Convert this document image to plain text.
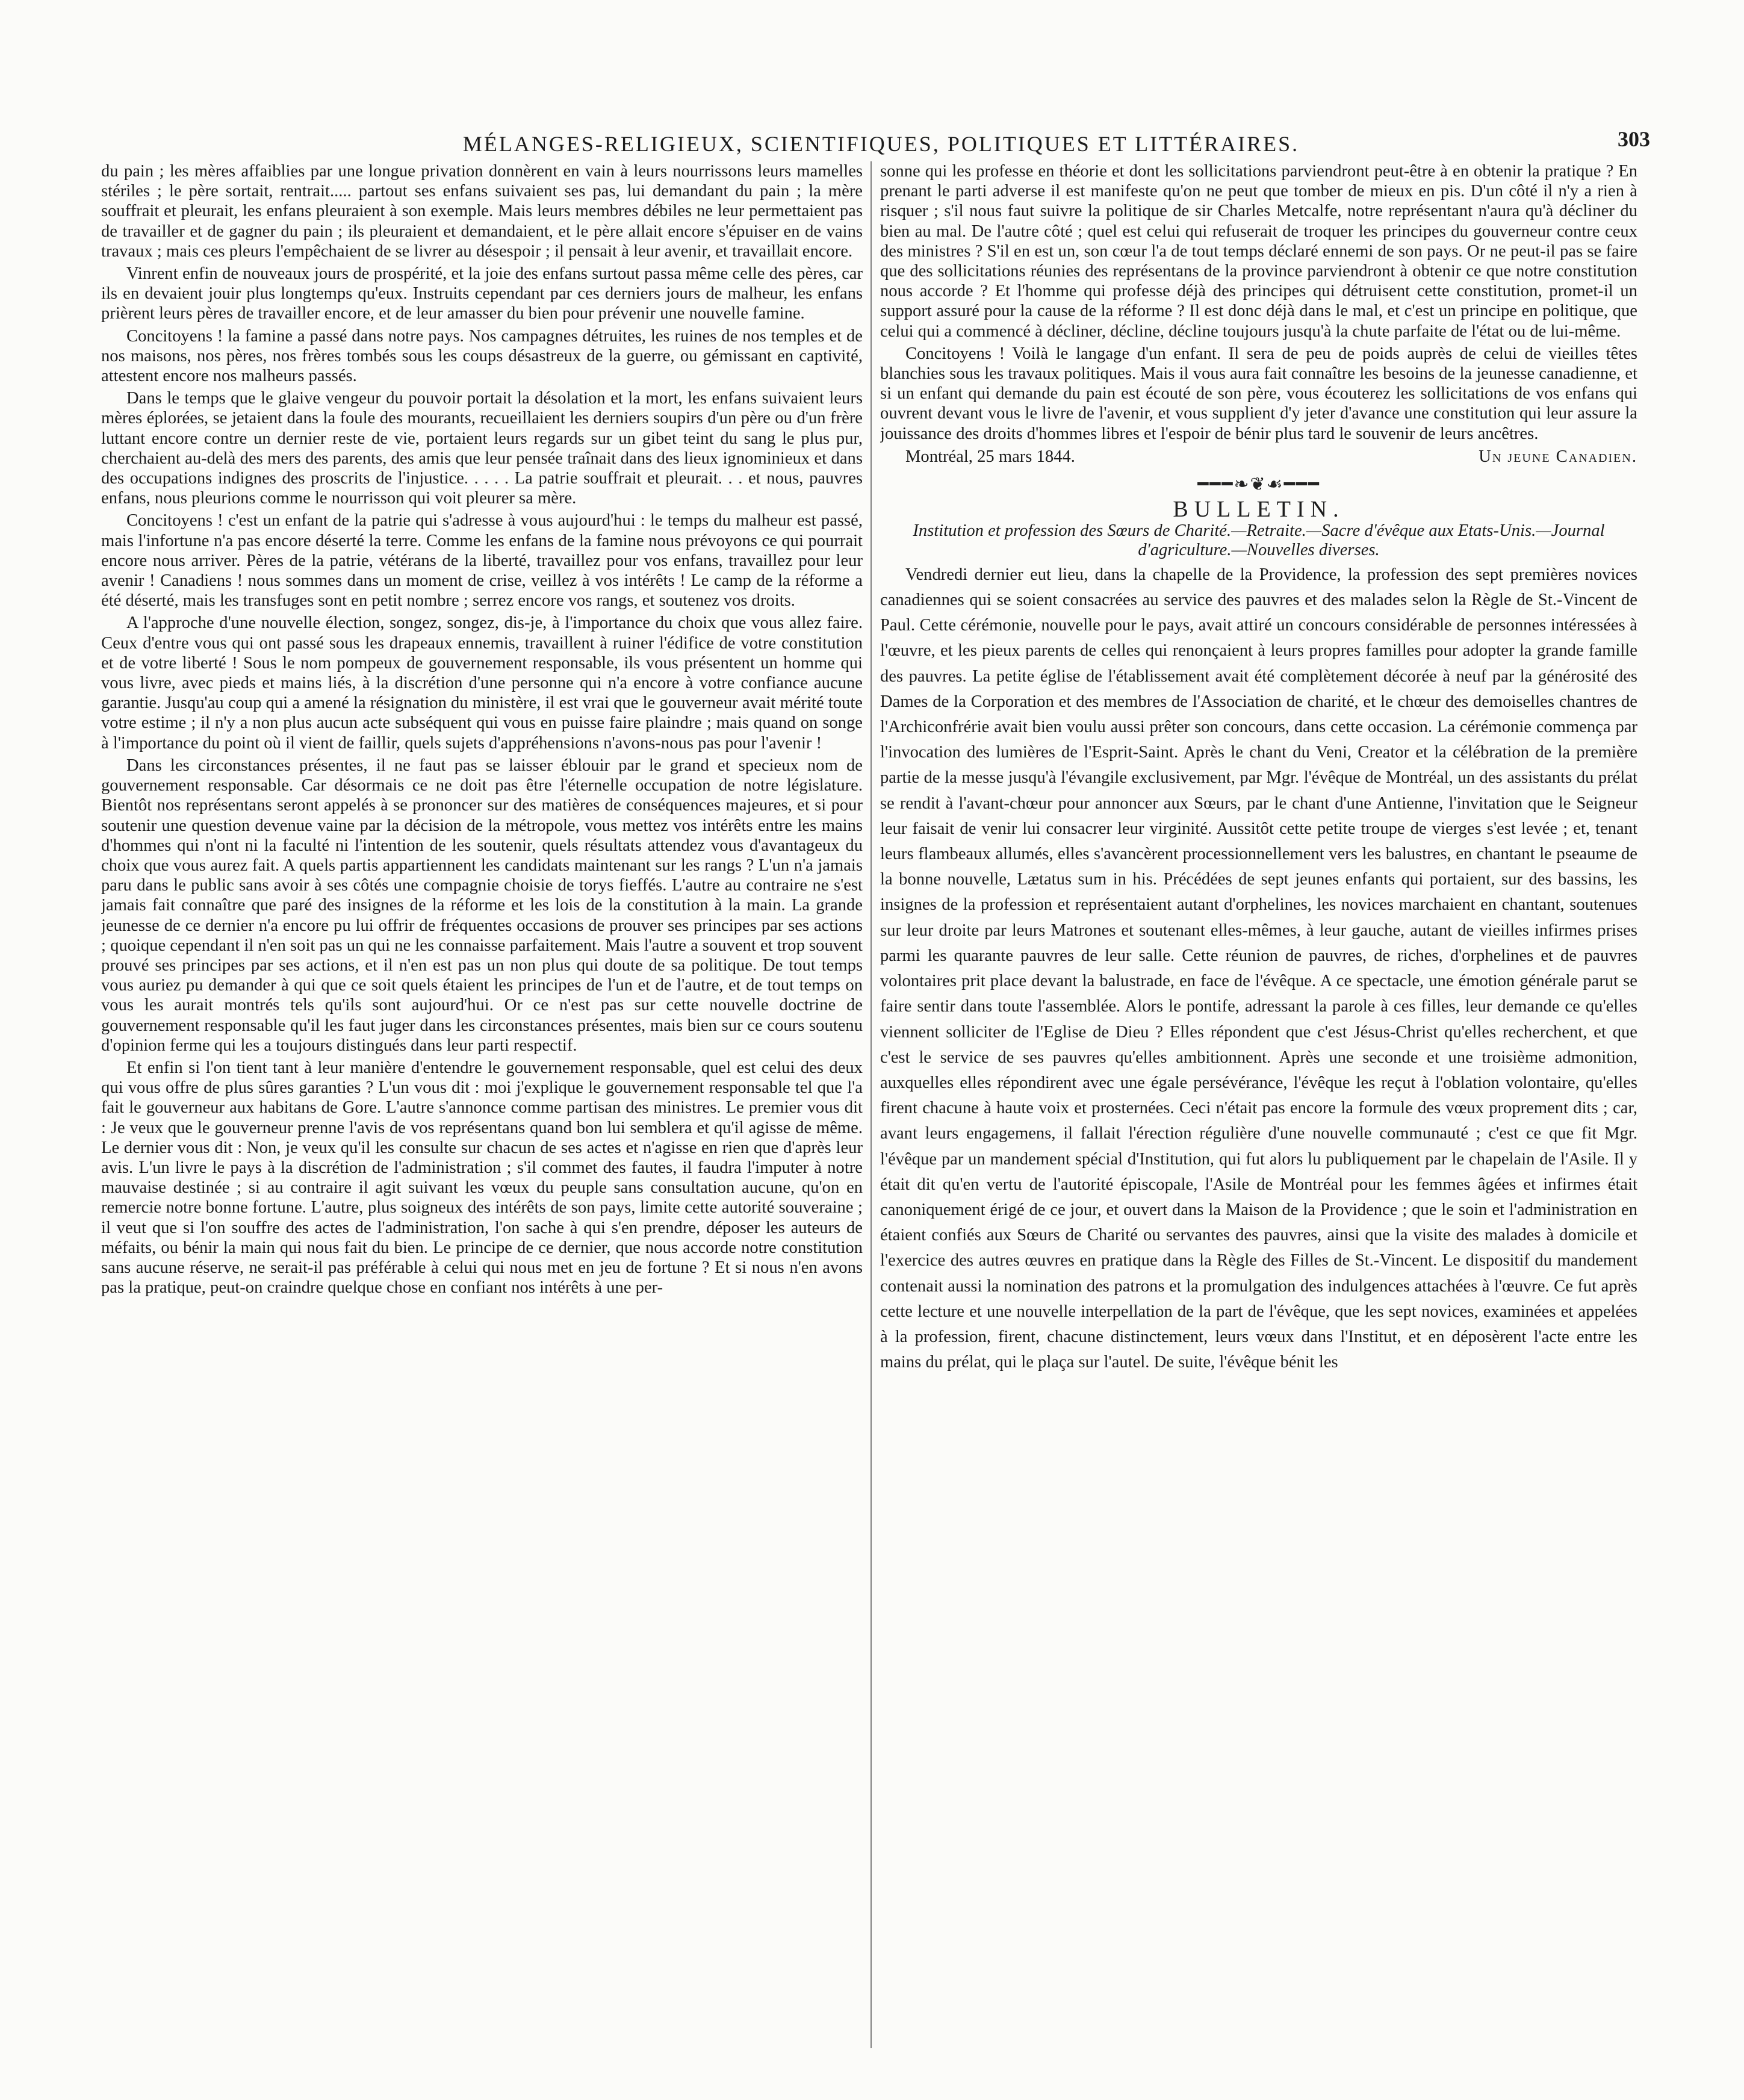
MÉLANGES-RELIGIEUX, SCIENTIFIQUES, POLITIQUES ET LITTÉRAIRES.	303

du pain ; les mères affaiblies par une longue privation donnèrent en vain à leurs nourrissons leurs mamelles stériles ; le père sortait, rentrait..... partout ses enfans suivaient ses pas, lui demandant du pain ; la mère souffrait et pleurait, les enfans pleuraient à son exemple. Mais leurs membres débiles ne leur permettaient pas de travailler et de gagner du pain ; ils pleuraient et demandaient, et le père allait encore s'épuiser en de vains travaux ; mais ces pleurs l'empêchaient de se livrer au désespoir ; il pensait à leur avenir, et travaillait encore.

Vinrent enfin de nouveaux jours de prospérité, et la joie des enfans surtout passa même celle des pères, car ils en devaient jouir plus longtemps qu'eux. Instruits cependant par ces derniers jours de malheur, les enfans prièrent leurs pères de travailler encore, et de leur amasser du bien pour prévenir une nouvelle famine.

Concitoyens ! la famine a passé dans notre pays. Nos campagnes détruites, les ruines de nos temples et de nos maisons, nos pères, nos frères tombés sous les coups désastreux de la guerre, ou gémissant en captivité, attestent encore nos malheurs passés.

Dans le temps que le glaive vengeur du pouvoir portait la désolation et la mort, les enfans suivaient leurs mères éplorées, se jetaient dans la foule des mourants, recueillaient les derniers soupirs d'un père ou d'un frère luttant encore contre un dernier reste de vie, portaient leurs regards sur un gibet teint du sang le plus pur, cherchaient au-delà des mers des parents, des amis que leur pensée traînait dans des lieux ignominieux et dans des occupations indignes des proscrits de l'injustice. . . . . La patrie souffrait et pleurait. . . et nous, pauvres enfans, nous pleurions comme le nourrisson qui voit pleurer sa mère.

Concitoyens ! c'est un enfant de la patrie qui s'adresse à vous aujourd'hui : le temps du malheur est passé, mais l'infortune n'a pas encore déserté la terre. Comme les enfans de la famine nous prévoyons ce qui pourrait encore nous arriver. Pères de la patrie, vétérans de la liberté, travaillez pour vos enfans, travaillez pour leur avenir ! Canadiens ! nous sommes dans un moment de crise, veillez à vos intérêts ! Le camp de la réforme a été déserté, mais les transfuges sont en petit nombre ; serrez encore vos rangs, et soutenez vos droits.

A l'approche d'une nouvelle élection, songez, songez, dis-je, à l'importance du choix que vous allez faire. Ceux d'entre vous qui ont passé sous les drapeaux ennemis, travaillent à ruiner l'édifice de votre constitution et de votre liberté ! Sous le nom pompeux de gouvernement responsable, ils vous présentent un homme qui vous livre, avec pieds et mains liés, à la discrétion d'une personne qui n'a encore à votre confiance aucune garantie. Jusqu'au coup qui a amené la résignation du ministère, il est vrai que le gouverneur avait mérité toute votre estime ; il n'y a non plus aucun acte subséquent qui vous en puisse faire plaindre ; mais quand on songe à l'importance du point où il vient de faillir, quels sujets d'appréhensions n'avons-nous pas pour l'avenir !

Dans les circonstances présentes, il ne faut pas se laisser éblouir par le grand et specieux nom de gouvernement responsable. Car désormais ce ne doit pas être l'éternelle occupation de notre législature. Bientôt nos représentans seront appelés à se prononcer sur des matières de conséquences majeures, et si pour soutenir une question devenue vaine par la décision de la métropole, vous mettez vos intérêts entre les mains d'hommes qui n'ont ni la faculté ni l'intention de les soutenir, quels résultats attendez vous d'avantageux du choix que vous aurez fait. A quels partis appartiennent les candidats maintenant sur les rangs ? L'un n'a jamais paru dans le public sans avoir à ses côtés une compagnie choisie de torys fieffés. L'autre au contraire ne s'est jamais fait connaître que paré des insignes de la réforme et les lois de la constitution à la main. La grande jeunesse de ce dernier n'a encore pu lui offrir de fréquentes occasions de prouver ses principes par ses actions ; quoique cependant il n'en soit pas un qui ne les connaisse parfaitement. Mais l'autre a souvent et trop souvent prouvé ses principes par ses actions, et il n'en est pas un non plus qui doute de sa politique. De tout temps vous auriez pu demander à qui que ce soit quels étaient les principes de l'un et de l'autre, et de tout temps on vous les aurait montrés tels qu'ils sont aujourd'hui. Or ce n'est pas sur cette nouvelle doctrine de gouvernement responsable qu'il les faut juger dans les circonstances présentes, mais bien sur ce cours soutenu d'opinion ferme qui les a toujours distingués dans leur parti respectif.

Et enfin si l'on tient tant à leur manière d'entendre le gouvernement responsable, quel est celui des deux qui vous offre de plus sûres garanties ? L'un vous dit : moi j'explique le gouvernement responsable tel que l'a fait le gouverneur aux habitans de Gore. L'autre s'annonce comme partisan des ministres. Le premier vous dit : Je veux que le gouverneur prenne l'avis de vos représentans quand bon lui semblera et qu'il agisse de même. Le dernier vous dit : Non, je veux qu'il les consulte sur chacun de ses actes et n'agisse en rien que d'après leur avis. L'un livre le pays à la discrétion de l'administration ; s'il commet des fautes, il faudra l'imputer à notre mauvaise destinée ; si au contraire il agit suivant les vœux du peuple sans consultation aucune, qu'on en remercie notre bonne fortune. L'autre, plus soigneux des intérêts de son pays, limite cette autorité souveraine ; il veut que si l'on souffre des actes de l'administration, l'on sache à qui s'en prendre, déposer les auteurs de méfaits, ou bénir la main qui nous fait du bien. Le principe de ce dernier, que nous accorde notre constitution sans aucune réserve, ne serait-il pas préférable à celui qui nous met en jeu de fortune ? Et si nous n'en avons pas la pratique, peut-on craindre quelque chose en confiant nos intérêts à une per-

sonne qui les professe en théorie et dont les sollicitations parviendront peut-être à en obtenir la pratique ? En prenant le parti adverse il est manifeste qu'on ne peut que tomber de mieux en pis. D'un côté il n'y a rien à risquer ; s'il nous faut suivre la politique de sir Charles Metcalfe, notre représentant n'aura qu'à décliner du bien au mal. De l'autre côté ; quel est celui qui refuserait de troquer les principes du gouverneur contre ceux des ministres ? S'il en est un, son cœur l'a de tout temps déclaré ennemi de son pays. Or ne peut-il pas se faire que des sollicitations réunies des représentans de la province parviendront à obtenir ce que notre constitution nous accorde ? Et l'homme qui professe déjà des principes qui détruisent cette constitution, promet-il un support assuré pour la cause de la réforme ? Il est donc déjà dans le mal, et c'est un principe en politique, que celui qui a commencé à décliner, décline, décline toujours jusqu'à la chute parfaite de l'état ou de lui-même.

Concitoyens ! Voilà le langage d'un enfant. Il sera de peu de poids auprès de celui de vieilles têtes blanchies sous les travaux politiques. Mais il vous aura fait connaître les besoins de la jeunesse canadienne, et si un enfant qui demande du pain est écouté de son père, vous écouterez les sollicitations de vos enfans qui ouvrent devant vous le livre de l'avenir, et vous supplient d'y jeter d'avance une constitution qui leur assure la jouissance des droits d'hommes libres et l'espoir de bénir plus tard le souvenir de leurs ancêtres.

Montréal, 25 mars 1844.	Un jeune Canadien.
━━━❧❦☙━━━
BULLETIN.
Institution et profession des Sœurs de Charité.—Retraite.—Sacre d'évêque aux Etats-Unis.—Journal d'agriculture.—Nouvelles diverses.

Vendredi dernier eut lieu, dans la chapelle de la Providence, la profession des sept premières novices canadiennes qui se soient consacrées au service des pauvres et des malades selon la Règle de St.-Vincent de Paul. Cette cérémonie, nouvelle pour le pays, avait attiré un concours considérable de personnes intéressées à l'œuvre, et les pieux parents de celles qui renonçaient à leurs propres familles pour adopter la grande famille des pauvres. La petite église de l'établissement avait été complètement décorée à neuf par la générosité des Dames de la Corporation et des membres de l'Association de charité, et le chœur des demoiselles chantres de l'Archiconfrérie avait bien voulu aussi prêter son concours, dans cette occasion. La cérémonie commença par l'invocation des lumières de l'Esprit-Saint. Après le chant du Veni, Creator et la célébration de la première partie de la messe jusqu'à l'évangile exclusivement, par Mgr. l'évêque de Montréal, un des assistants du prélat se rendit à l'avant-chœur pour annoncer aux Sœurs, par le chant d'une Antienne, l'invitation que le Seigneur leur faisait de venir lui consacrer leur virginité. Aussitôt cette petite troupe de vierges s'est levée ; et, tenant leurs flambeaux allumés, elles s'avancèrent processionnellement vers les balustres, en chantant le pseaume de la bonne nouvelle, Lætatus sum in his. Précédées de sept jeunes enfants qui portaient, sur des bassins, les insignes de la profession et représentaient autant d'orphelines, les novices marchaient en chantant, soutenues sur leur droite par leurs Matrones et soutenant elles-mêmes, à leur gauche, autant de vieilles infirmes prises parmi les quarante pauvres de leur salle. Cette réunion de pauvres, de riches, d'orphelines et de pauvres volontaires prit place devant la balustrade, en face de l'évêque. A ce spectacle, une émotion générale parut se faire sentir dans toute l'assemblée. Alors le pontife, adressant la parole à ces filles, leur demande ce qu'elles viennent solliciter de l'Eglise de Dieu ? Elles répondent que c'est Jésus-Christ qu'elles recherchent, et que c'est le service de ses pauvres qu'elles ambitionnent. Après une seconde et une troisième admonition, auxquelles elles répondirent avec une égale persévérance, l'évêque les reçut à l'oblation volontaire, qu'elles firent chacune à haute voix et prosternées. Ceci n'était pas encore la formule des vœux proprement dits ; car, avant leurs engagemens, il fallait l'érection régulière d'une nouvelle communauté ; c'est ce que fit Mgr. l'évêque par un mandement spécial d'Institution, qui fut alors lu publiquement par le chapelain de l'Asile. Il y était dit qu'en vertu de l'autorité épiscopale, l'Asile de Montréal pour les femmes âgées et infirmes était canoniquement érigé de ce jour, et ouvert dans la Maison de la Providence ; que le soin et l'administration en étaient confiés aux Sœurs de Charité ou servantes des pauvres, ainsi que la visite des malades à domicile et l'exercice des autres œuvres en pratique dans la Règle des Filles de St.-Vincent. Le dispositif du mandement contenait aussi la nomination des patrons et la promulgation des indulgences attachées à l'œuvre. Ce fut après cette lecture et une nouvelle interpellation de la part de l'évêque, que les sept novices, examinées et appelées à la profession, firent, chacune distinctement, leurs vœux dans l'Institut, et en déposèrent l'acte entre les mains du prélat, qui le plaça sur l'autel. De suite, l'évêque bénit les
